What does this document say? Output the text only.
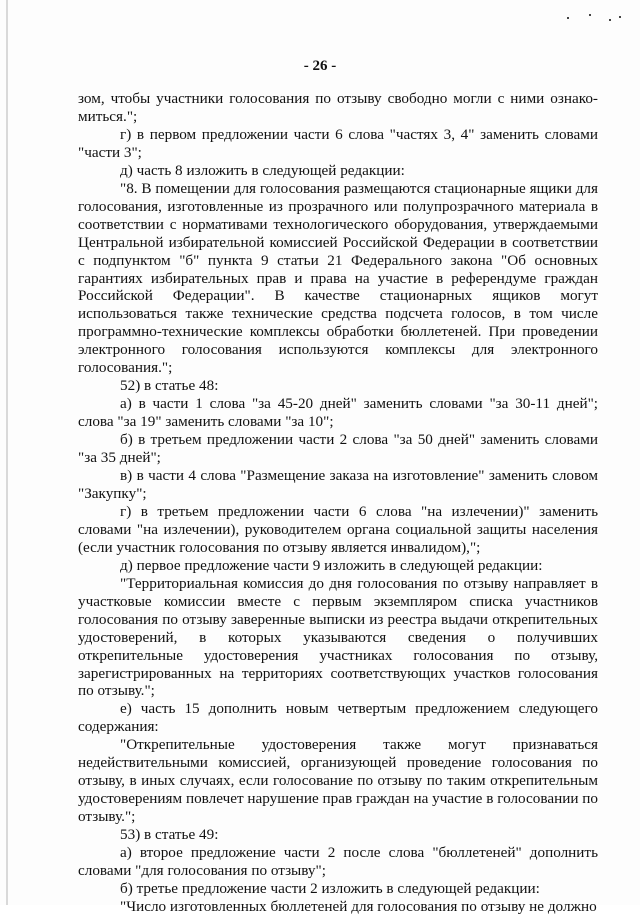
- 26 -

зом, чтобы участники голосования по отзыву свободно могли с ними ознако-миться.";

г) в первом предложении части 6 слова "частях 3, 4" заменить словами "части 3";

д) часть 8 изложить в следующей редакции:

"8. В помещении для голосования размещаются стационарные ящики для голосования, изготовленные из прозрачного или полупрозрачного материала в соответствии с нормативами технологического оборудования, утверждаемыми Центральной избирательной комиссией Российской Федерации в соответствии с подпунктом "б" пункта 9 статьи 21 Федерального закона "Об основных гарантиях избирательных прав и права на участие в референдуме граждан Российской Федерации". В качестве стационарных ящиков могут использоваться также технические средства подсчета голосов, в том числе программно-технические комплексы обработки бюллетеней. При проведении электронного голосования используются комплексы для электронного голосования.";

52) в статье 48:

а) в части 1 слова "за 45-20 дней" заменить словами "за 30-11 дней"; слова "за 19" заменить словами "за 10";

б) в третьем предложении части 2 слова "за 50 дней" заменить словами "за 35 дней";

в) в части 4 слова "Размещение заказа на изготовление" заменить словом "Закупку";

г) в третьем предложении части 6 слова "на излечении)" заменить словами "на излечении), руководителем органа социальной защиты населения (если участник голосования по отзыву является инвалидом),";

д) первое предложение части 9 изложить в следующей редакции:

"Территориальная комиссия до дня голосования по отзыву направляет в участковые комиссии вместе с первым экземпляром списка участников голосования по отзыву заверенные выписки из реестра выдачи открепительных удостоверений, в которых указываются сведения о получивших открепительные удостоверения участниках голосования по отзыву, зарегистрированных на территориях соответствующих участков голосования по отзыву.";

е) часть 15 дополнить новым четвертым предложением следующего содержания:

"Открепительные удостоверения также могут признаваться недействительными комиссией, организующей проведение голосования по отзыву, в иных случаях, если голосование по отзыву по таким открепительным удостоверениям повлечет нарушение прав граждан на участие в голосовании по отзыву.";

53) в статье 49:

а) второе предложение части 2 после слова "бюллетеней" дополнить словами "для голосования по отзыву";

б) третье предложение части 2 изложить в следующей редакции:

"Число изготовленных бюллетеней для голосования по отзыву не должно
